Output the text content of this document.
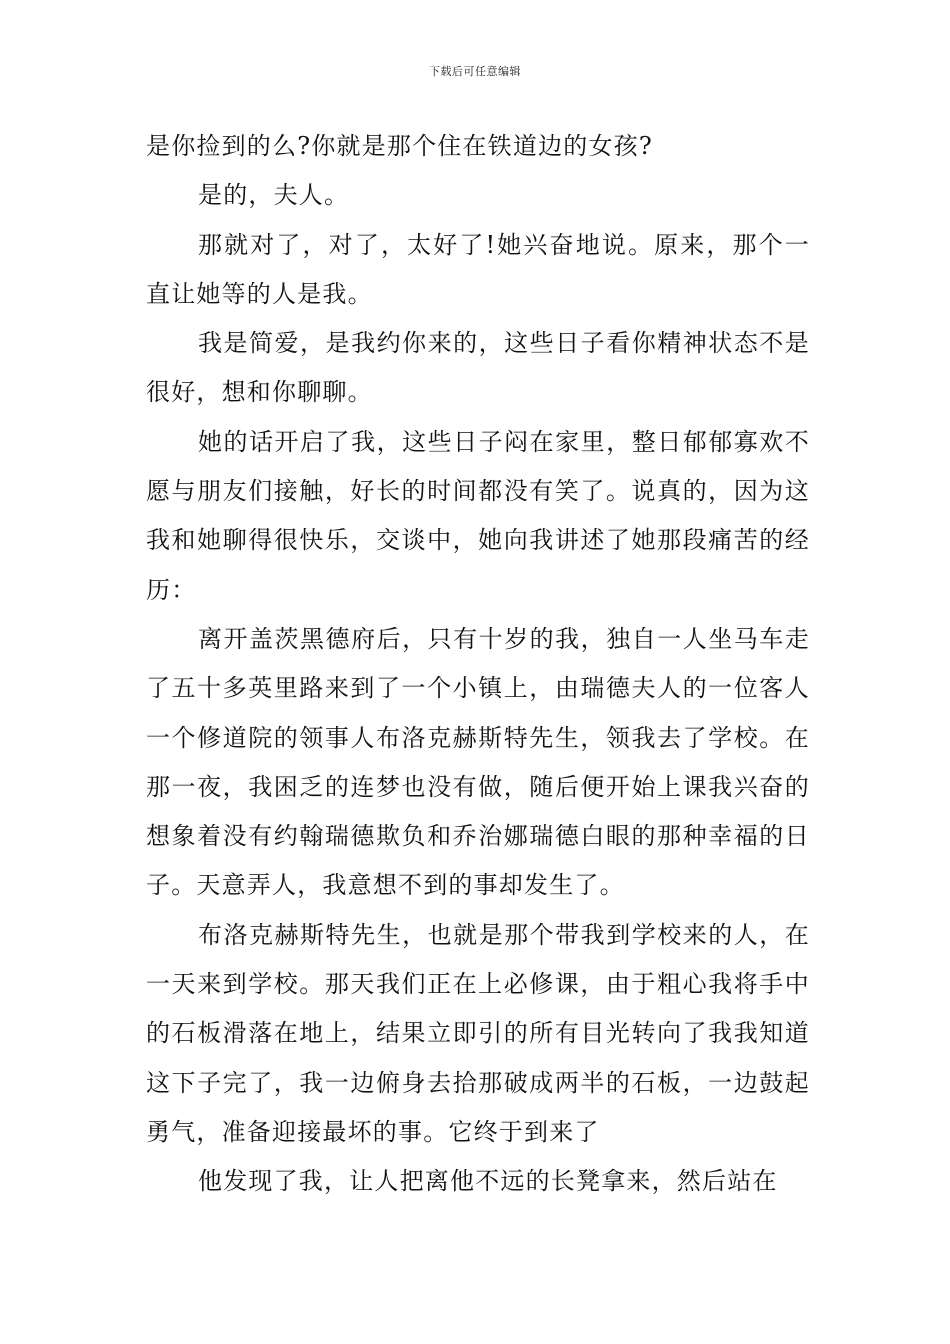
下载后可任意编辑

是你捡到的么?你就是那个住在铁道边的女孩?

是的，夫人。

那就对了，对了，太好了!她兴奋地说。原来，那个一直让她等的人是我。

我是简爱，是我约你来的，这些日子看你精神状态不是很好，想和你聊聊。

她的话开启了我，这些日子闷在家里，整日郁郁寡欢不愿与朋友们接触，好长的时间都没有笑了。说真的，因为这我和她聊得很快乐，交谈中，她向我讲述了她那段痛苦的经历：

离开盖茨黑德府后，只有十岁的我，独自一人坐马车走了五十多英里路来到了一个小镇上，由瑞德夫人的一位客人一个修道院的领事人布洛克赫斯特先生，领我去了学校。在那一夜，我困乏的连梦也没有做，随后便开始上课我兴奋的想象着没有约翰瑞德欺负和乔治娜瑞德白眼的那种幸福的日子。天意弄人，我意想不到的事却发生了。

布洛克赫斯特先生，也就是那个带我到学校来的人，在一天来到学校。那天我们正在上必修课，由于粗心我将手中的石板滑落在地上，结果立即引的所有目光转向了我我知道这下子完了，我一边俯身去拾那破成两半的石板，一边鼓起勇气，准备迎接最坏的事。它终于到来了

他发现了我，让人把离他不远的长凳拿来，然后站在
